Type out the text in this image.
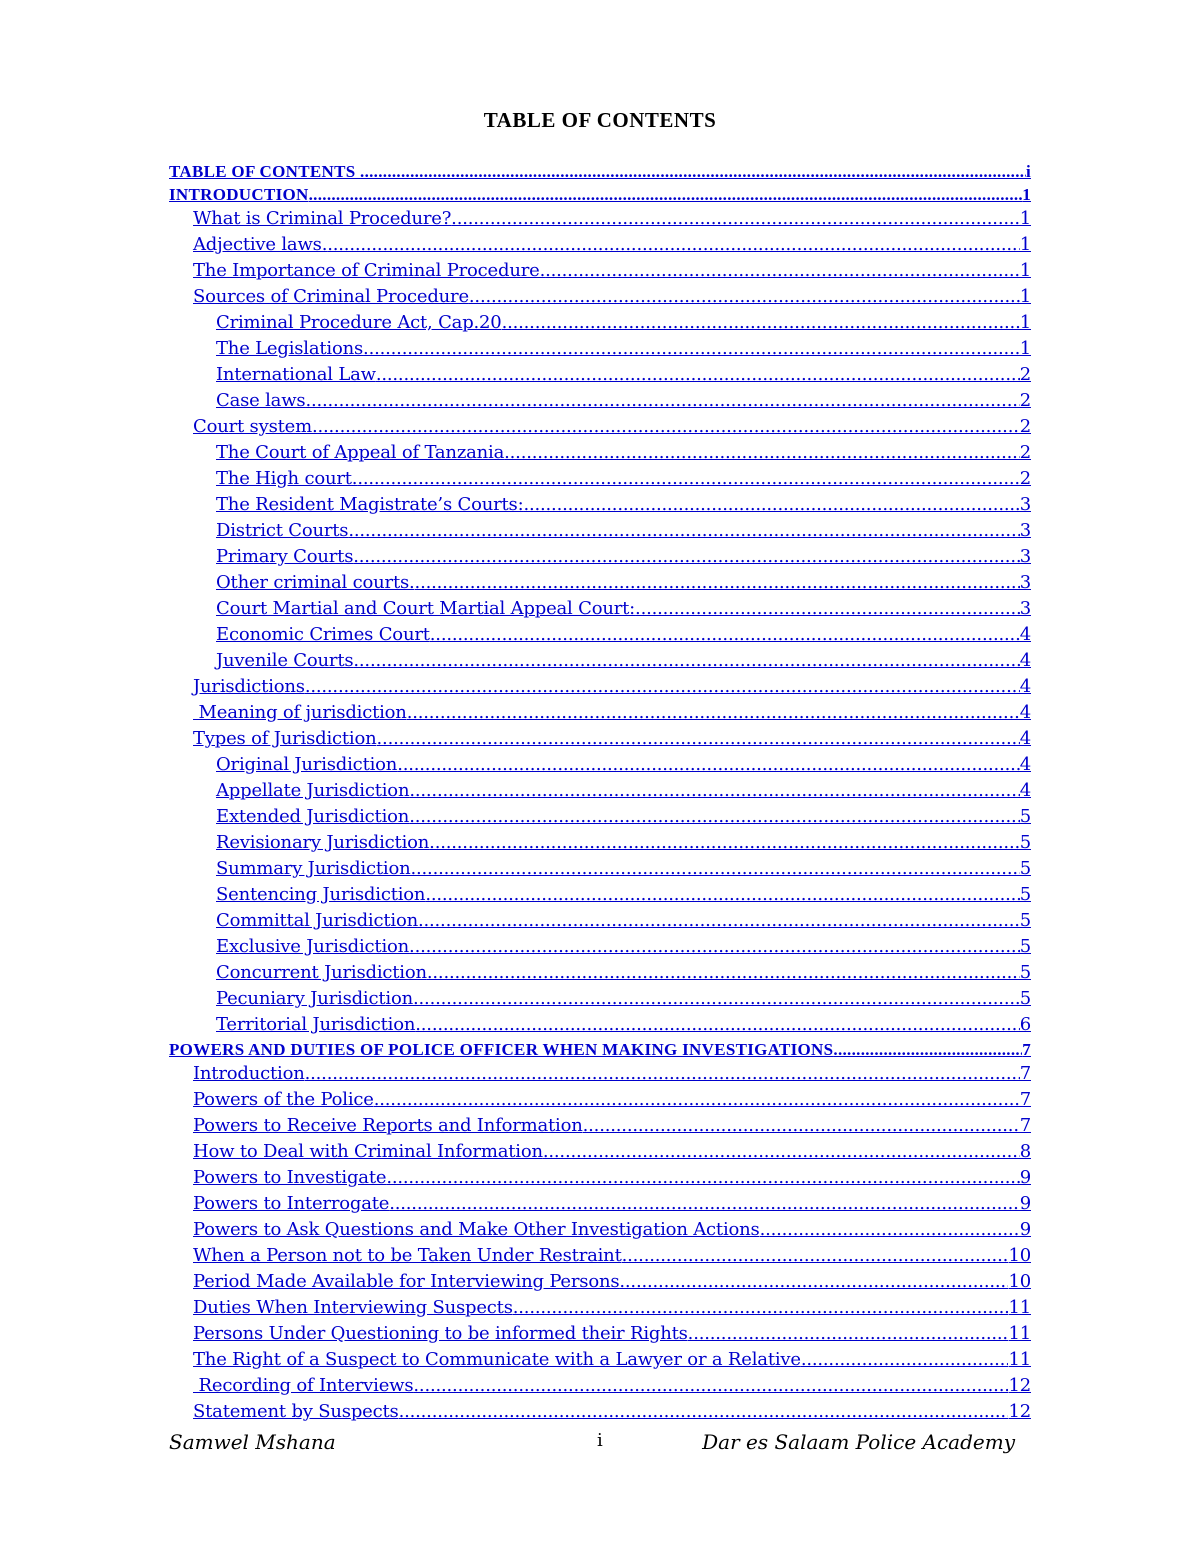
TABLE OF CONTENTS
TABLE OF CONTENTS .....	i
INTRODUCTION .....	1
What is Criminal Procedure? .....	1
Adjective laws. .....	1
The Importance of Criminal Procedure. .....	1
Sources of Criminal Procedure .....	1
Criminal Procedure Act, Cap.20 .....	1
The Legislations .....	1
International Law .....	2
Case laws .....	2
Court system. .....	2
The Court of Appeal of Tanzania .....	2
The High court. .....	2
The Resident Magistrate’s Courts: .....	3
District Courts .....	3
Primary Courts .....	3
Other criminal courts. .....	3
Court Martial and Court Martial Appeal Court: .....	3
Economic Crimes Court .....	4
Juvenile Courts .....	4
Jurisdictions .....	4
Meaning of jurisdiction .....	4
Types of Jurisdiction .....	4
Original Jurisdiction .....	4
Appellate Jurisdiction .....	4
Extended Jurisdiction .....	5
Revisionary Jurisdiction .....	5
Summary Jurisdiction .....	5
Sentencing Jurisdiction .....	5
Committal Jurisdiction .....	5
Exclusive Jurisdiction .....	5
Concurrent Jurisdiction .....	5
Pecuniary Jurisdiction .....	5
Territorial Jurisdiction .....	6
POWERS AND DUTIES OF POLICE OFFICER WHEN MAKING INVESTIGATIONS .....	7
Introduction .....	7
Powers of the Police .....	7
Powers to Receive Reports and Information .....	7
How to Deal with Criminal Information .....	8
Powers to Investigate .....	9
Powers to Interrogate .....	9
Powers to Ask Questions and Make Other Investigation Actions .....	9
When a Person not to be Taken Under Restraint .....	10
Period Made Available for Interviewing Persons .....	10
Duties When Interviewing Suspects .....	11
Persons Under Questioning to be informed their Rights .....	11
The Right of a Suspect to Communicate with a Lawyer or a Relative .....	11
Recording of Interviews .....	12
Statement by Suspects .....	12
Samwel Mshana	i	Dar es Salaam Police Academy
